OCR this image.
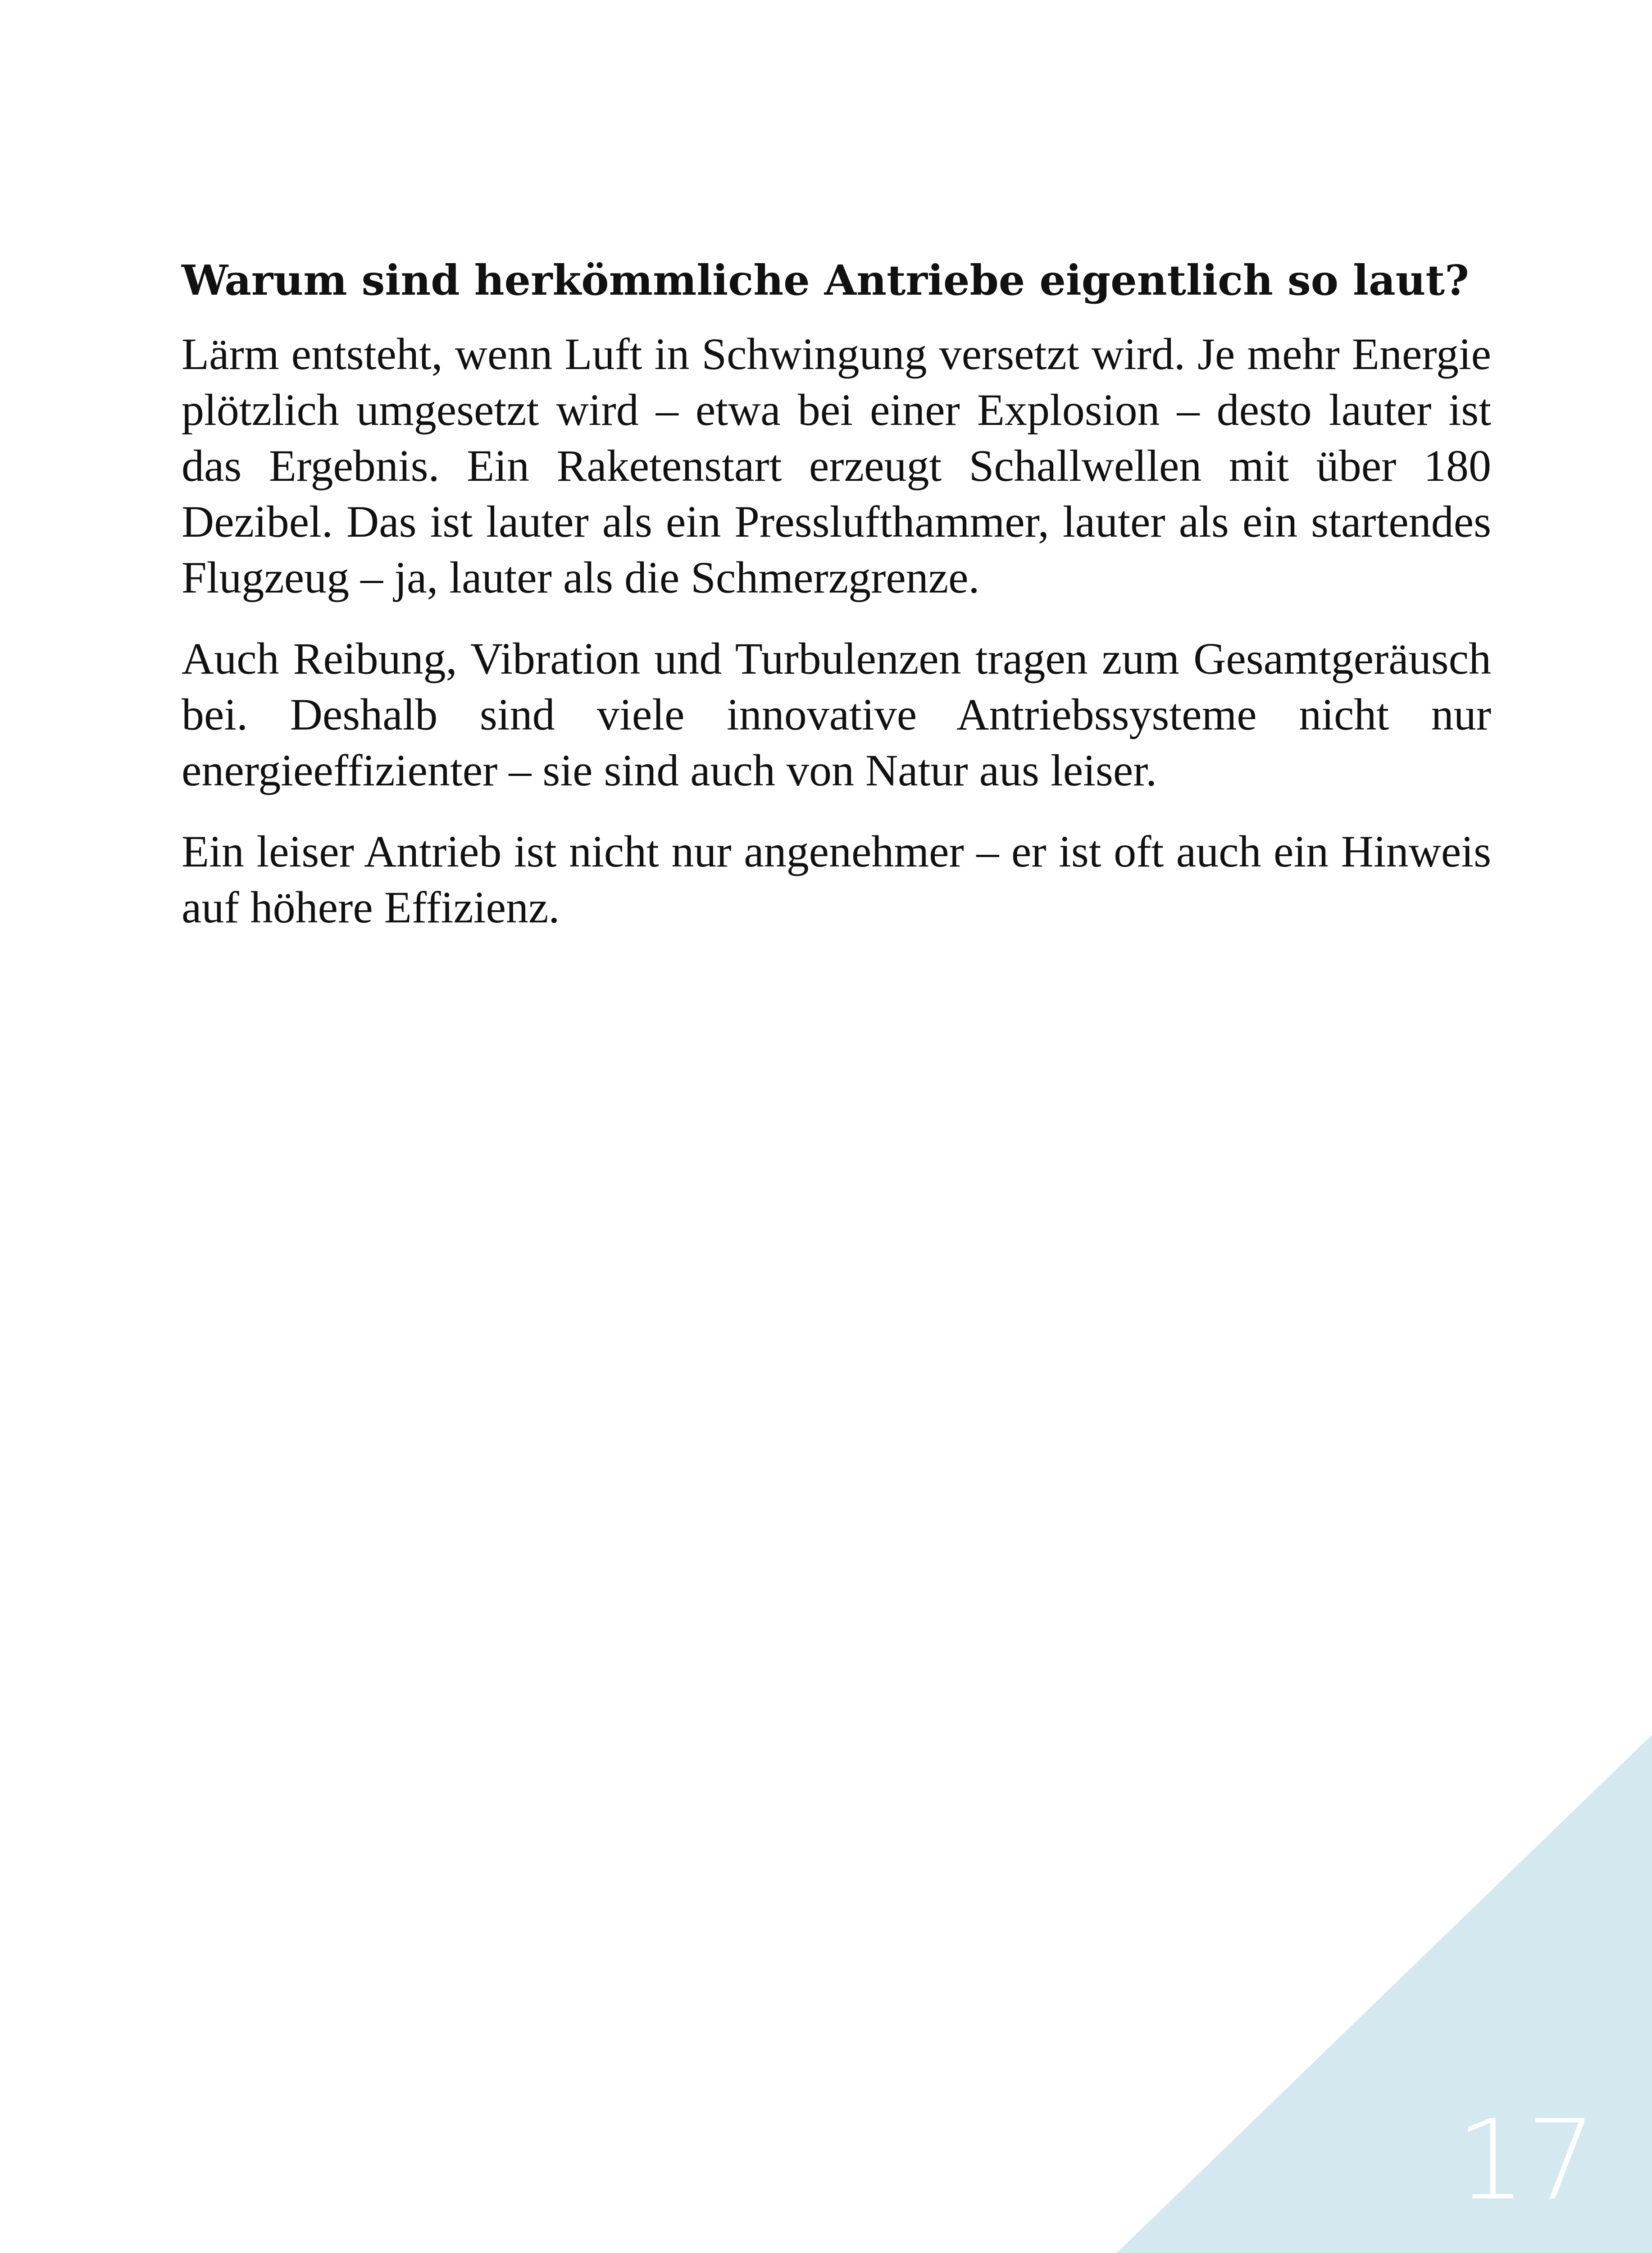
Warum sind herkömmliche Antriebe eigentlich so laut?

Lärm entsteht, wenn Luft in Schwingung versetzt wird. Je mehr Energie plötzlich umgesetzt wird – etwa bei einer Explosion – desto lauter ist das Ergebnis. Ein Raketenstart erzeugt Schallwellen mit über 180 Dezibel. Das ist lauter als ein Presslufthammer, lauter als ein startendes Flugzeug – ja, lauter als die Schmerzgrenze.

Auch Reibung, Vibration und Turbulenzen tragen zum Gesamtgeräusch bei. Deshalb sind viele innovative Antriebssysteme nicht nur energieeffizienter – sie sind auch von Natur aus leiser.

Ein leiser Antrieb ist nicht nur angenehmer – er ist oft auch ein Hinweis auf höhere Effizienz.

17
